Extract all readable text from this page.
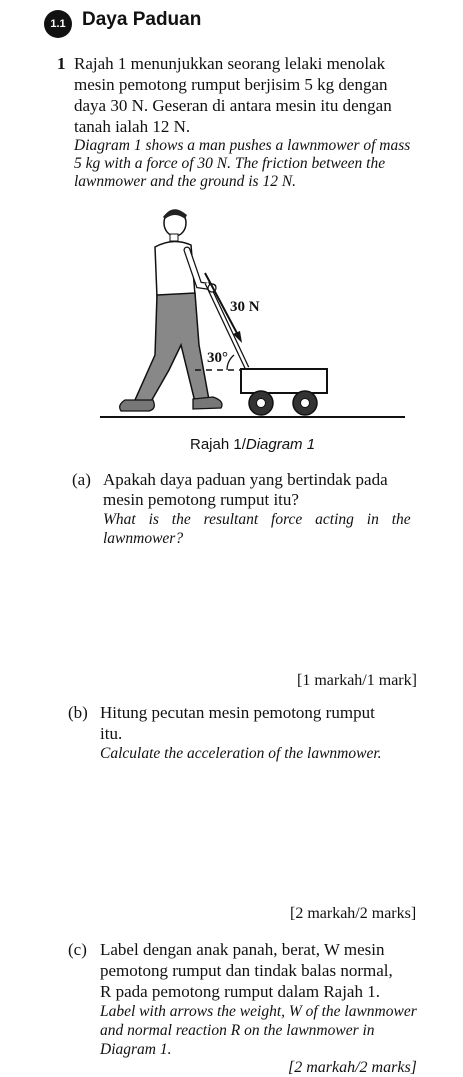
1.1 Daya Paduan
1 Rajah 1 menunjukkan seorang lelaki menolak
mesin pemotong rumput berjisim 5 kg dengan
daya 30 N. Geseran di antara mesin itu dengan
tanah ialah 12 N.
Diagram 1 shows a man pushes a lawnmower of mass
5 kg with a force of 30 N. The friction between the
lawnmower and the ground is 12 N.
30 N
30°
Rajah 1/Diagram 1
(a) Apakah daya paduan yang bertindak pada
mesin pemotong rumput itu?
What is the resultant force acting in the
lawnmower?
[1 markah/1 mark]
(b) Hitung pecutan mesin pemotong rumput
itu.
Calculate the acceleration of the lawnmower.
[2 markah/2 marks]
(c) Label dengan anak panah, berat, W mesin
pemotong rumput dan tindak balas normal,
R pada pemotong rumput dalam Rajah 1.
Label with arrows the weight, W of the lawnmower
and normal reaction R on the lawnmower in
Diagram 1.
[2 markah/2 marks]
